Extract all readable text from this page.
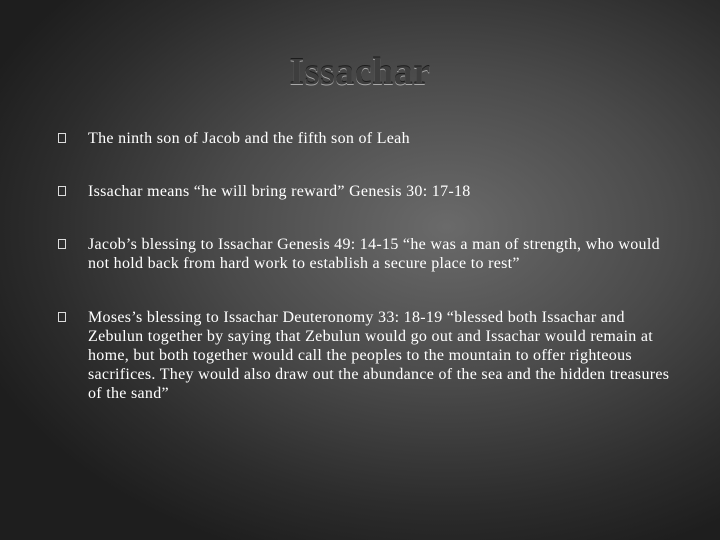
Issachar
The ninth son of Jacob and the fifth son of Leah
Issachar means “he will bring reward” Genesis 30: 17-18
Jacob’s blessing to Issachar Genesis 49: 14-15 “he was a man of strength, who would not hold back from hard work to establish a secure place to rest”
Moses’s blessing to Issachar Deuteronomy 33: 18-19 “blessed both Issachar and Zebulun together by saying that Zebulun would go out and Issachar would remain at home, but both together would call the peoples to the mountain to offer righteous sacrifices. They would also draw out the abundance of the sea and the hidden treasures of the sand”
